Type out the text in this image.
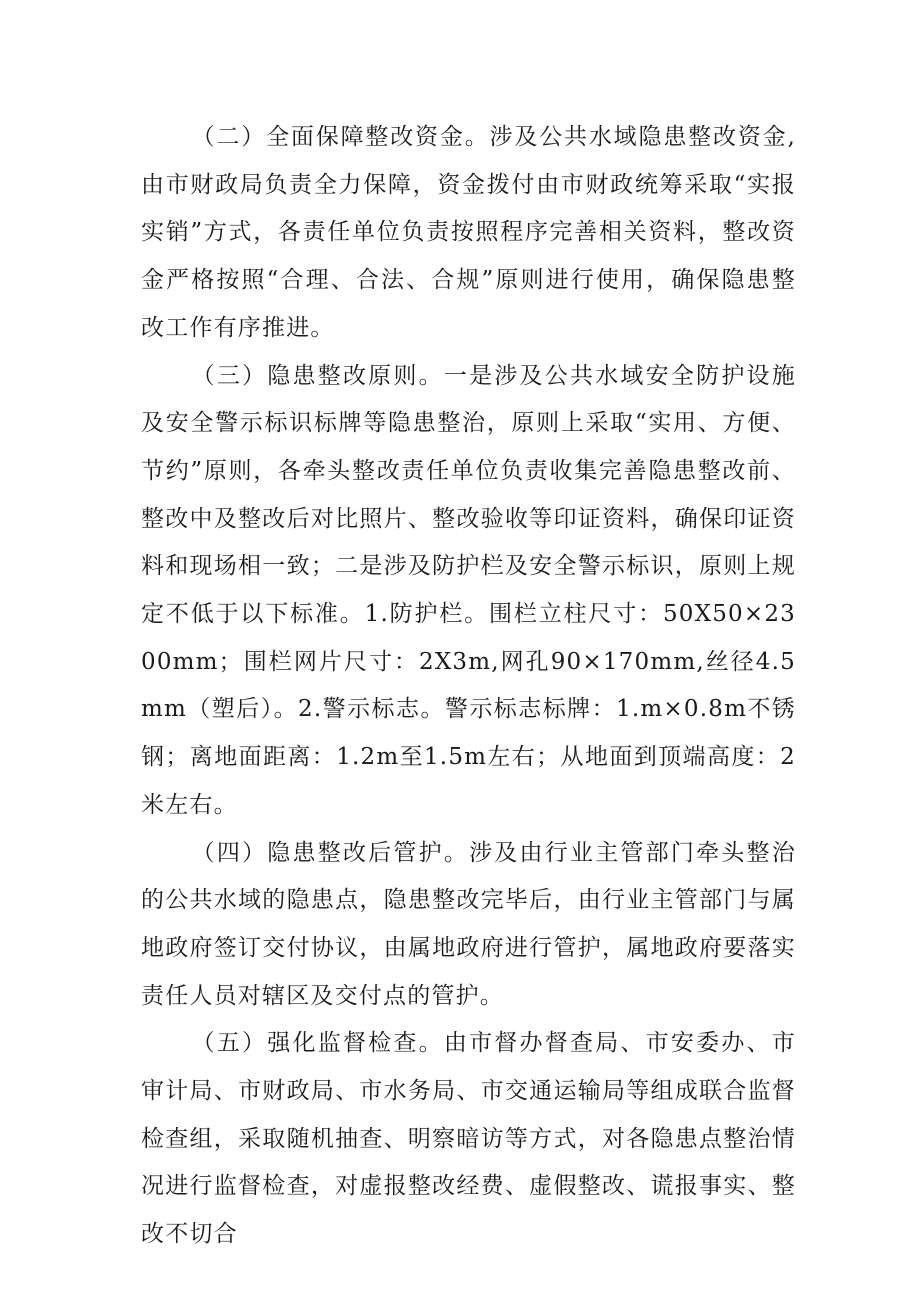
（二）全面保障整改资金。涉及公共水域隐患整改资金,由市财政局负责全力保障，资金拨付由市财政统筹采取“实报实销”方式，各责任单位负责按照程序完善相关资料，整改资金严格按照“合理、合法、合规”原则进行使用，确保隐患整改工作有序推进。

（三）隐患整改原则。一是涉及公共水域安全防护设施及安全警示标识标牌等隐患整治，原则上采取“实用、方便、节约”原则，各牵头整改责任单位负责收集完善隐患整改前、整改中及整改后对比照片、整改验收等印证资料，确保印证资料和现场相一致；二是涉及防护栏及安全警示标识，原则上规定不低于以下标准。1.防护栏。围栏立柱尺寸：50X50×2300mm；围栏网片尺寸：2X3m,网孔90×170mm,丝径4.5mm（塑后）。2.警示标志。警示标志标牌：1.m×0.8m不锈钢；离地面距离：1.2m至1.5m左右；从地面到顶端高度：2米左右。

（四）隐患整改后管护。涉及由行业主管部门牵头整治的公共水域的隐患点，隐患整改完毕后，由行业主管部门与属地政府签订交付协议，由属地政府进行管护，属地政府要落实责任人员对辖区及交付点的管护。

（五）强化监督检查。由市督办督查局、市安委办、市审计局、市财政局、市水务局、市交通运输局等组成联合监督检查组，采取随机抽查、明察暗访等方式，对各隐患点整治情况进行监督检查，对虚报整改经费、虚假整改、谎报事实、整改不切合
